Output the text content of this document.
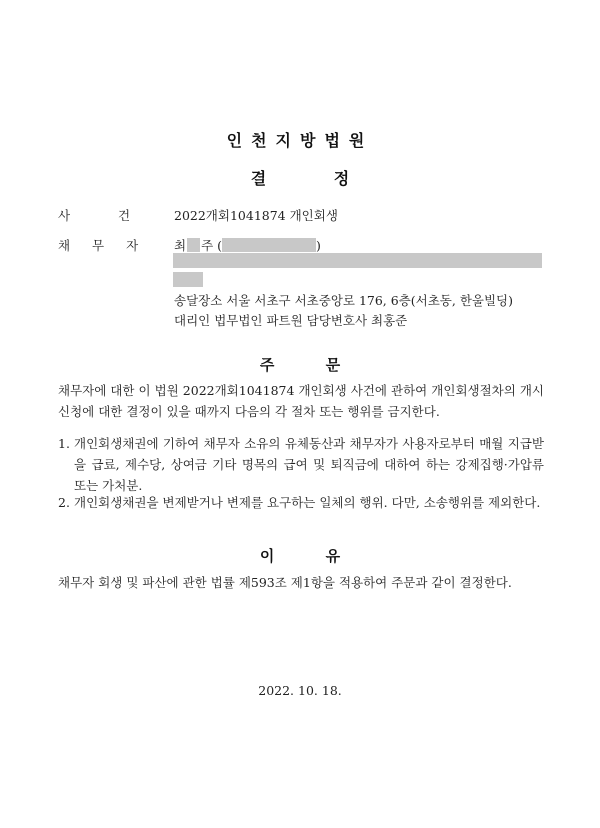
인천지방법원
결 정
사 건	2022개회1041874 개인회생
채 무 자	최 주 (	)
송달장소 서울 서초구 서초중앙로 176, 6층(서초동, 한울빌딩)
대리인 법무법인 파트원 담당변호사 최홍준
주 문
채무자에 대한 이 법원 2022개회1041874 개인회생 사건에 관하여 개인회생절차의 개시신청에 대한 결정이 있을 때까지 다음의 각 절차 또는 행위를 금지한다.
1. 개인회생채권에 기하여 채무자 소유의 유체동산과 채무자가 사용자로부터 매월 지급받을 급료, 제수당, 상여금 기타 명목의 급여 및 퇴직금에 대하여 하는 강제집행·가압류 또는 가처분.
2. 개인회생채권을 변제받거나 변제를 요구하는 일체의 행위. 다만, 소송행위를 제외한다.
이 유
채무자 회생 및 파산에 관한 법률 제593조 제1항을 적용하여 주문과 같이 결정한다.
2022. 10. 18.
